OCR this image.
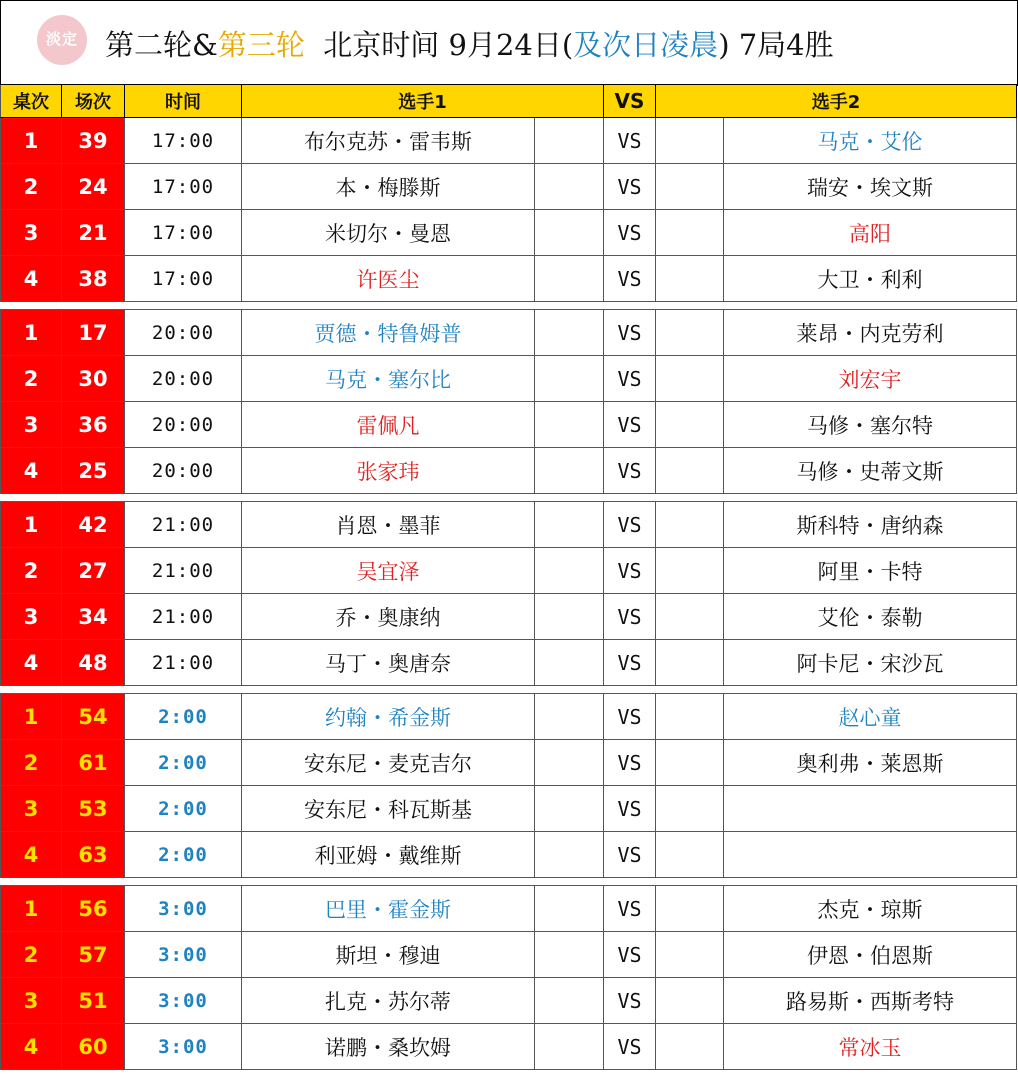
淡定 第二轮&第三轮  北京时间 9月24日(及次日凌晨) 7局4胜
桌次	场次	时间	选手1	VS	选手2
1	39	17:00	布尔克苏・雷韦斯	VS	马克・艾伦
2	24	17:00	本・梅滕斯	VS	瑞安・埃文斯
3	21	17:00	米切尔・曼恩	VS	高阳
4	38	17:00	许医尘	VS	大卫・利利
1	17	20:00	贾德・特鲁姆普	VS	莱昂・内克劳利
2	30	20:00	马克・塞尔比	VS	刘宏宇
3	36	20:00	雷佩凡	VS	马修・塞尔特
4	25	20:00	张家玮	VS	马修・史蒂文斯
1	42	21:00	肖恩・墨菲	VS	斯科特・唐纳森
2	27	21:00	吴宜泽	VS	阿里・卡特
3	34	21:00	乔・奥康纳	VS	艾伦・泰勒
4	48	21:00	马丁・奥唐奈	VS	阿卡尼・宋沙瓦
1	54	2:00	约翰・希金斯	VS	赵心童
2	61	2:00	安东尼・麦克吉尔	VS	奥利弗・莱恩斯
3	53	2:00	安东尼・科瓦斯基	VS
4	63	2:00	利亚姆・戴维斯	VS
1	56	3:00	巴里・霍金斯	VS	杰克・琼斯
2	57	3:00	斯坦・穆迪	VS	伊恩・伯恩斯
3	51	3:00	扎克・苏尔蒂	VS	路易斯・西斯考特
4	60	3:00	诺鹏・桑坎姆	VS	常冰玉
